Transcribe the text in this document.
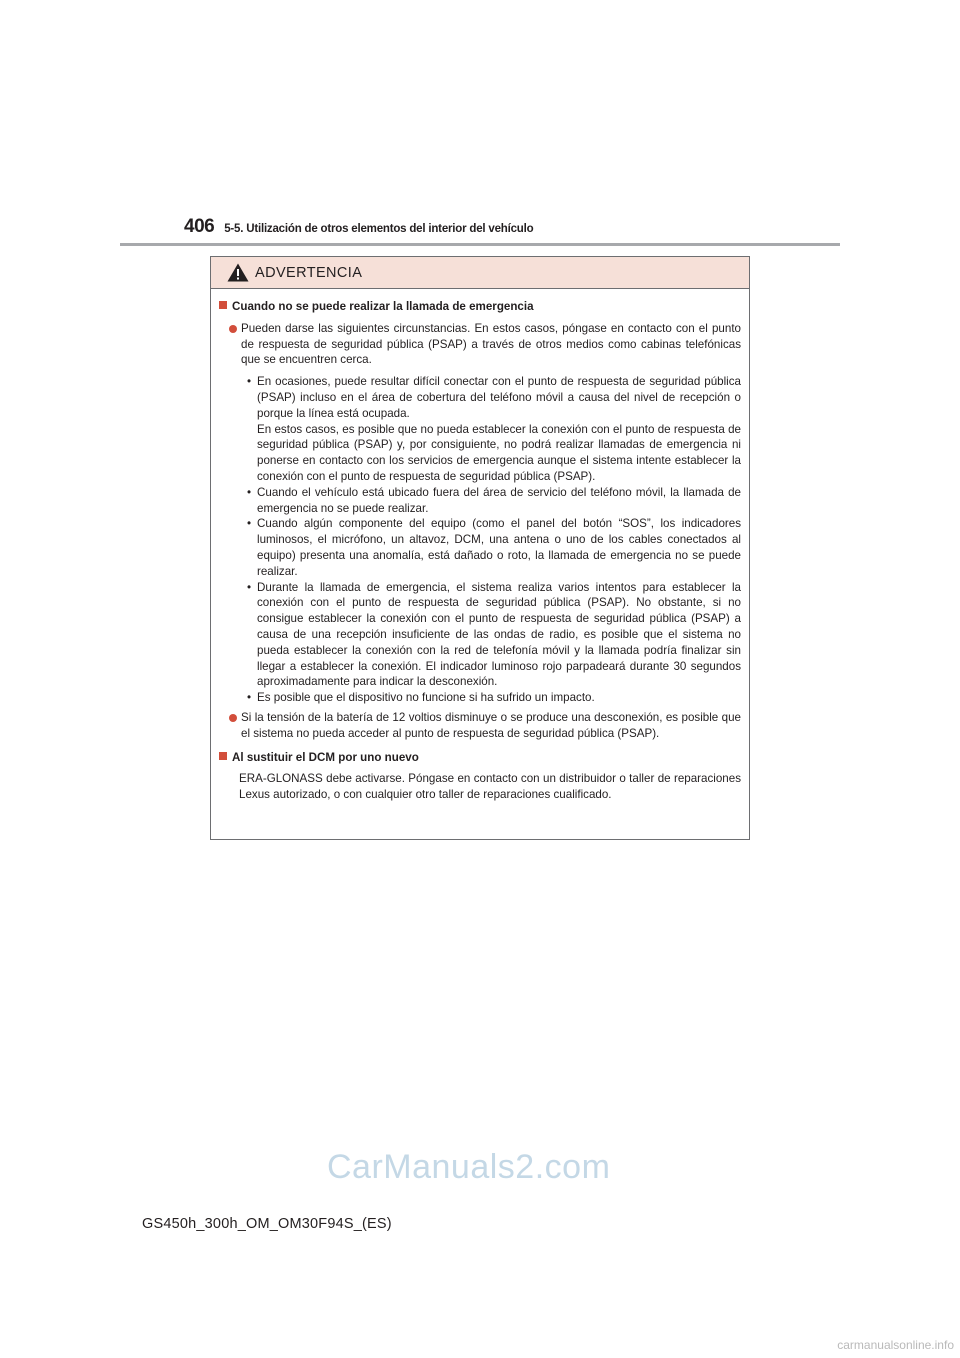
406 5-5. Utilización de otros elementos del interior del vehículo
ADVERTENCIA
Cuando no se puede realizar la llamada de emergencia
Pueden darse las siguientes circunstancias. En estos casos, póngase en contacto con el punto de respuesta de seguridad pública (PSAP) a través de otros medios como cabinas telefónicas que se encuentren cerca.
• En ocasiones, puede resultar difícil conectar con el punto de respuesta de seguridad pública (PSAP) incluso en el área de cobertura del teléfono móvil a causa del nivel de recepción o porque la línea está ocupada.
En estos casos, es posible que no pueda establecer la conexión con el punto de respuesta de seguridad pública (PSAP) y, por consiguiente, no podrá realizar llamadas de emergencia ni ponerse en contacto con los servicios de emergencia aunque el sistema intente establecer la conexión con el punto de respuesta de seguridad pública (PSAP).
• Cuando el vehículo está ubicado fuera del área de servicio del teléfono móvil, la llamada de emergencia no se puede realizar.
• Cuando algún componente del equipo (como el panel del botón “SOS”, los indicadores luminosos, el micrófono, un altavoz, DCM, una antena o uno de los cables conectados al equipo) presenta una anomalía, está dañado o roto, la llamada de emergencia no se puede realizar.
• Durante la llamada de emergencia, el sistema realiza varios intentos para establecer la conexión con el punto de respuesta de seguridad pública (PSAP). No obstante, si no consigue establecer la conexión con el punto de respuesta de seguridad pública (PSAP) a causa de una recepción insuficiente de las ondas de radio, es posible que el sistema no pueda establecer la conexión con la red de telefonía móvil y la llamada podría finalizar sin llegar a establecer la conexión. El indicador luminoso rojo parpadeará durante 30 segundos aproximadamente para indicar la desconexión.
• Es posible que el dispositivo no funcione si ha sufrido un impacto.
Si la tensión de la batería de 12 voltios disminuye o se produce una desconexión, es posible que el sistema no pueda acceder al punto de respuesta de seguridad pública (PSAP).
Al sustituir el DCM por uno nuevo
ERA-GLONASS debe activarse. Póngase en contacto con un distribuidor o taller de reparaciones Lexus autorizado, o con cualquier otro taller de reparaciones cualificado.
CarManuals2.com
GS450h_300h_OM_OM30F94S_(ES)
carmanualsonline.info
